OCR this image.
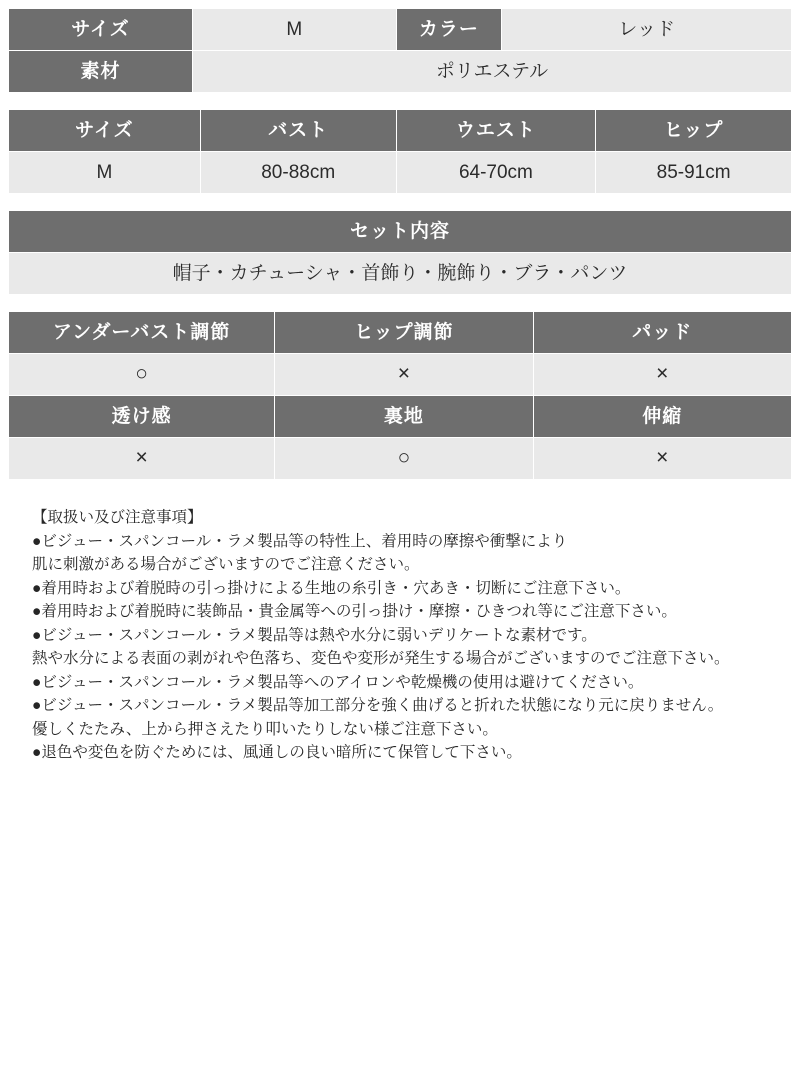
サイズ	M	カラー	レッド
素材	ポリエステル		
サイズ	バスト	ウエスト	ヒップ
M	80-88cm	64-70cm	85-91cm
セット内容
帽子・カチューシャ・首飾り・腕飾り・ブラ・パンツ
アンダーバスト調節	ヒップ調節	パッド
○	×	×
透け感	裏地	伸縮
×	○	×
【取扱い及び注意事項】
●ビジュー・スパンコール・ラメ製品等の特性上、着用時の摩擦や衝撃により
肌に刺激がある場合がございますのでご注意ください。
●着用時および着脱時の引っ掛けによる生地の糸引き・穴あき・切断にご注意下さい。
●着用時および着脱時に装飾品・貴金属等への引っ掛け・摩擦・ひきつれ等にご注意下さい。
●ビジュー・スパンコール・ラメ製品等は熱や水分に弱いデリケートな素材です。
熱や水分による表面の剥がれや色落ち、変色や変形が発生する場合がございますのでご注意下さい。
●ビジュー・スパンコール・ラメ製品等へのアイロンや乾燥機の使用は避けてください。
●ビジュー・スパンコール・ラメ製品等加工部分を強く曲げると折れた状態になり元に戻りません。
優しくたたみ、上から押さえたり叩いたりしない様ご注意下さい。
●退色や変色を防ぐためには、風通しの良い暗所にて保管して下さい。
